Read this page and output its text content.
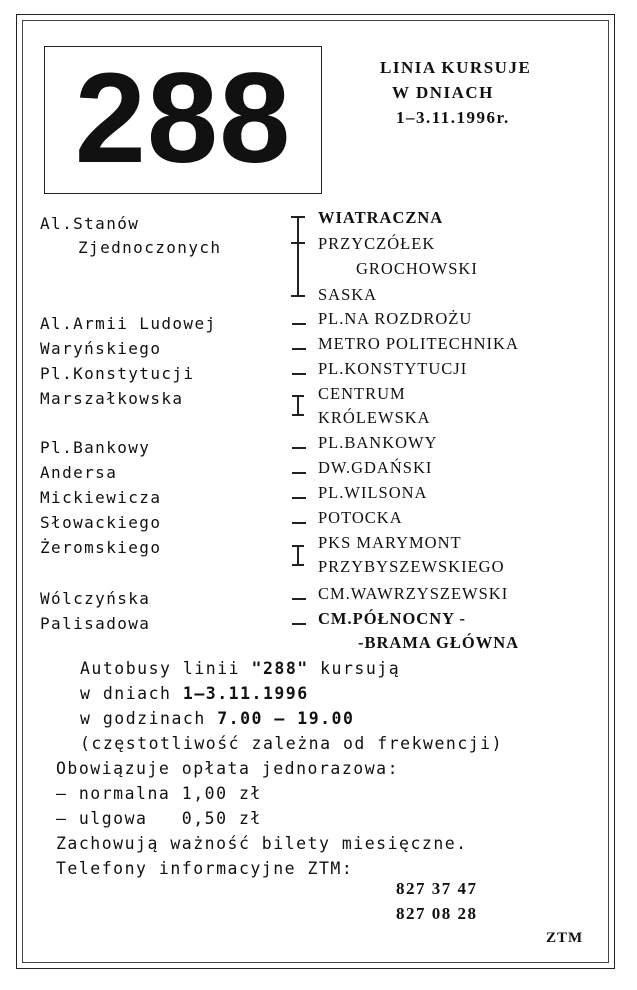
288	LINIA KURSUJE
W DNIACH
1–3.11.1996r.
Al.Stanów
Zjednoczonych
Al.Armii Ludowej
Waryńskiego
Pl.Konstytucji
Marszałkowska
Pl.Bankowy
Andersa
Mickiewicza
Słowackiego
Żeromskiego
Wólczyńska
Palisadowa
WIATRACZNA
PRZYCZÓŁEK
GROCHOWSKI
SASKA
PL.NA ROZDROŻU
METRO POLITECHNIKA
PL.KONSTYTUCJI
CENTRUM
KRÓLEWSKA
PL.BANKOWY
DW.GDAŃSKI
PL.WILSONA
POTOCKA
PKS MARYMONT
PRZYBYSZEWSKIEGO
CM.WAWRZYSZEWSKI
CM.PÓŁNOCNY -
-BRAMA GŁÓWNA
Autobusy linii "288" kursują
w dniach 1–3.11.1996
w godzinach 7.00 – 19.00
(częstotliwość zależna od frekwencji)
Obowiązuje opłata jednorazowa:
– normalna 1,00 zł
– ulgowa   0,50 zł
Zachowują ważność bilety miesięczne.
Telefony informacyjne ZTM:
827 37 47
827 08 28
ZTM
